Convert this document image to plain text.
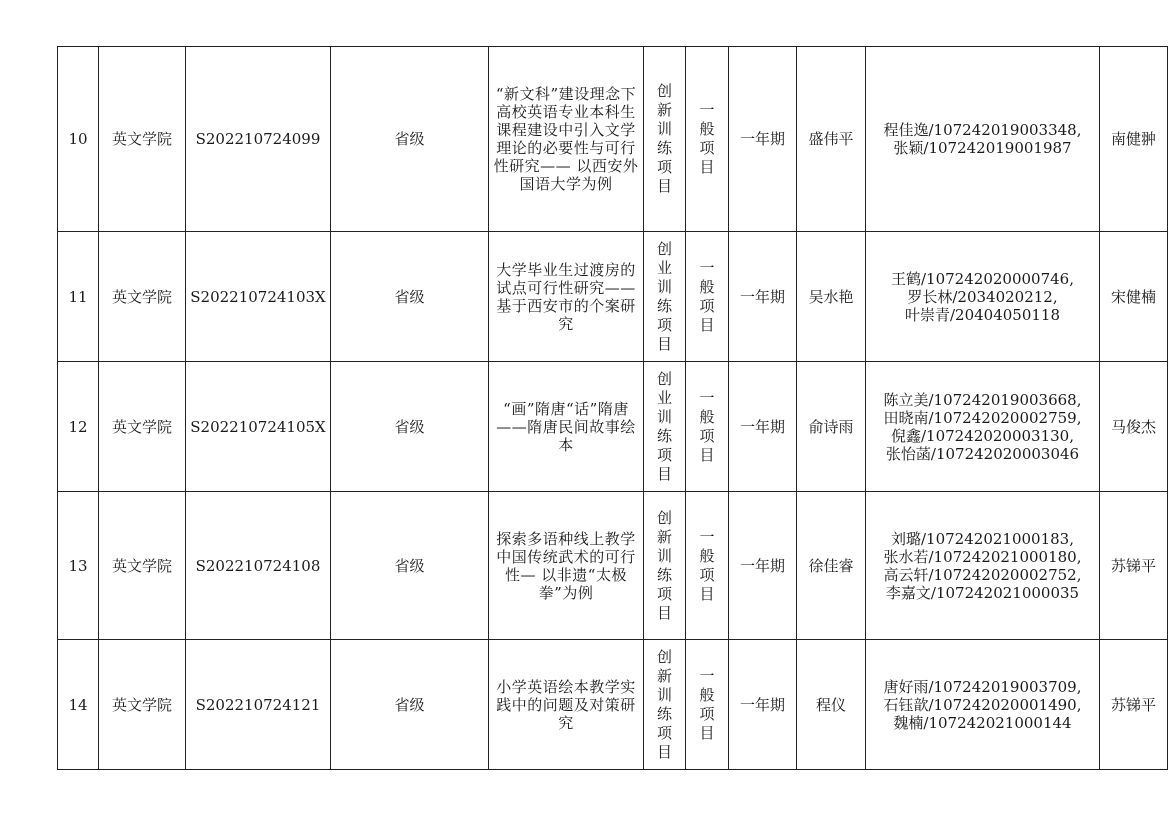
10	英文学院	S202210724099	省级	“新文科”建设理念下高校英语专业本科生课程建设中引入文学理论的必要性与可行性研究—— 以西安外国语大学为例	创新训练项目	一般项目	一年期	盛伟平	程佳逸/107242019003348,
张颖/107242019001987	南健翀
11	英文学院	S202210724103X	省级	大学毕业生过渡房的试点可行性研究——基于西安市的个案研究	创业训练项目	一般项目	一年期	吴水艳	王鹤/107242020000746,
罗长林/2034020212,
叶崇青/20404050118	宋健楠
12	英文学院	S202210724105X	省级	“画”隋唐“话”隋唐——隋唐民间故事绘本	创业训练项目	一般项目	一年期	俞诗雨	陈立美/107242019003668,
田晓南/107242020002759,
倪鑫/107242020003130,
张怡菡/107242020003046	马俊杰
13	英文学院	S202210724108	省级	探索多语种线上教学中国传统武术的可行性— 以非遗“太极拳”为例	创新训练项目	一般项目	一年期	徐佳睿	刘璐/107242021000183,
张水若/107242021000180,
高云轩/107242020002752,
李嘉文/107242021000035	苏锑平
14	英文学院	S202210724121	省级	小学英语绘本教学实践中的问题及对策研究	创新训练项目	一般项目	一年期	程仪	唐好雨/107242019003709,
石钰歆/107242020001490,
魏楠/107242021000144	苏锑平
